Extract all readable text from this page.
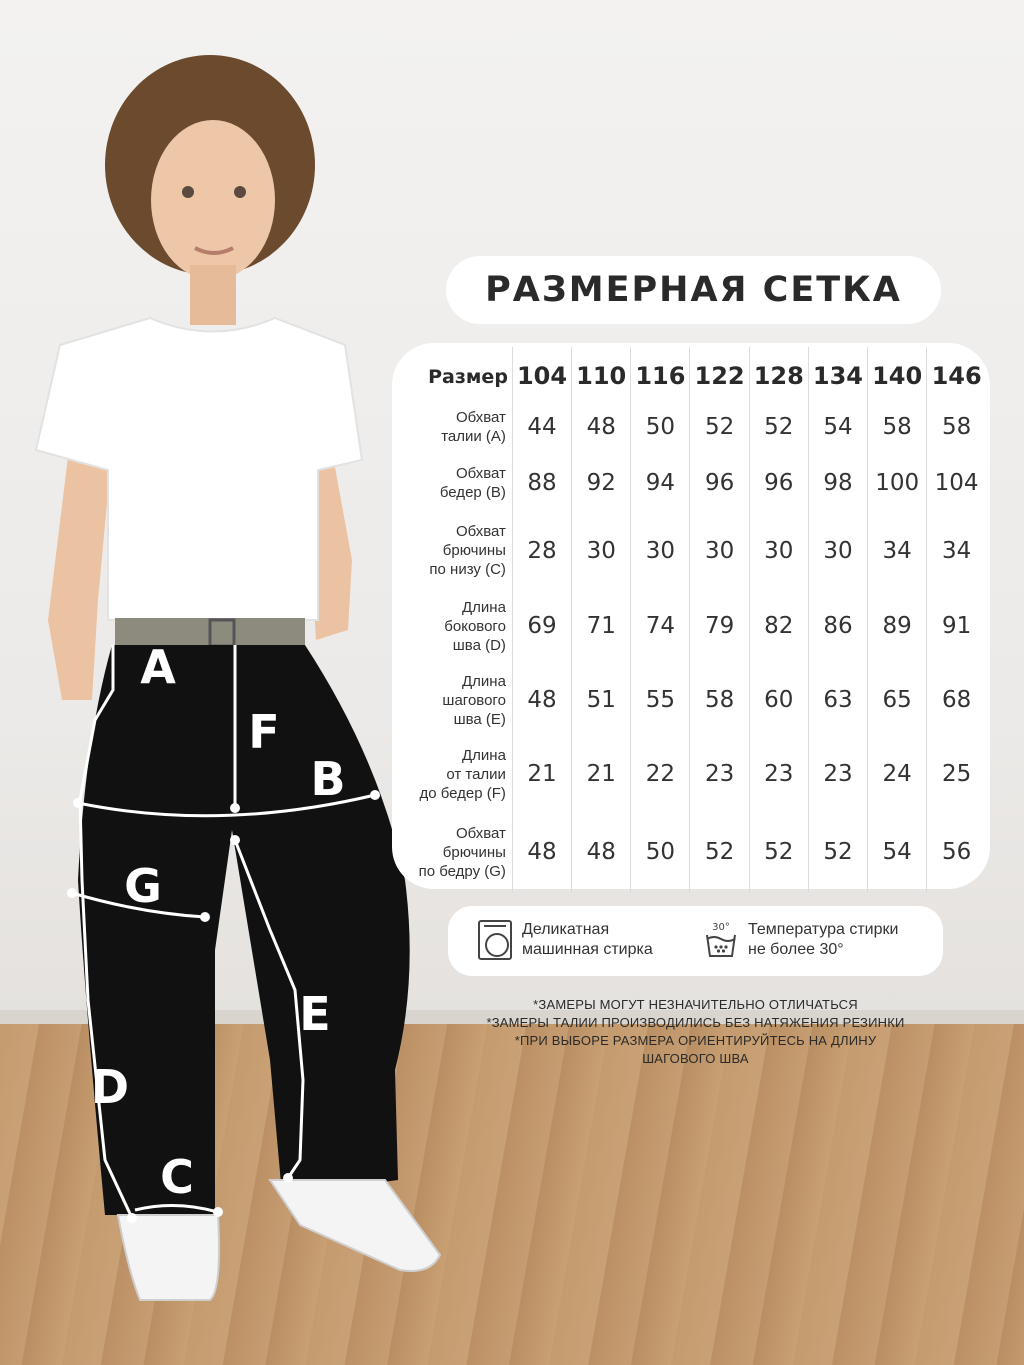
A
F
B
G
E
D
C
РАЗМЕРНАЯ СЕТКА
Размер	104	110	116	122	128	134	140	146

Обхват
талии (A)	44	48	50	52	52	54	58	58

Обхват
бедер (B)	88	92	94	96	96	98	100	104

Обхват
брючины
по низу (C)	28	30	30	30	30	30	34	34

Длина
бокового
шва (D)	69	71	74	79	82	86	89	91

Длина
шагового
шва (E)	48	51	55	58	60	63	65	68

Длина
от талии
до бедер (F)	21	21	22	23	23	23	24	25

Обхват
брючины
по бедру (G)	48	48	50	52	52	52	54	56
Деликатная
машинная стирка
30° Температура стирки
не более 30°
*ЗАМЕРЫ МОГУТ НЕЗНАЧИТЕЛЬНО ОТЛИЧАТЬСЯ
*ЗАМЕРЫ ТАЛИИ ПРОИЗВОДИЛИСЬ БЕЗ НАТЯЖЕНИЯ РЕЗИНКИ
*ПРИ ВЫБОРЕ РАЗМЕРА ОРИЕНТИРУЙТЕСЬ НА ДЛИНУ
ШАГОВОГО ШВА
